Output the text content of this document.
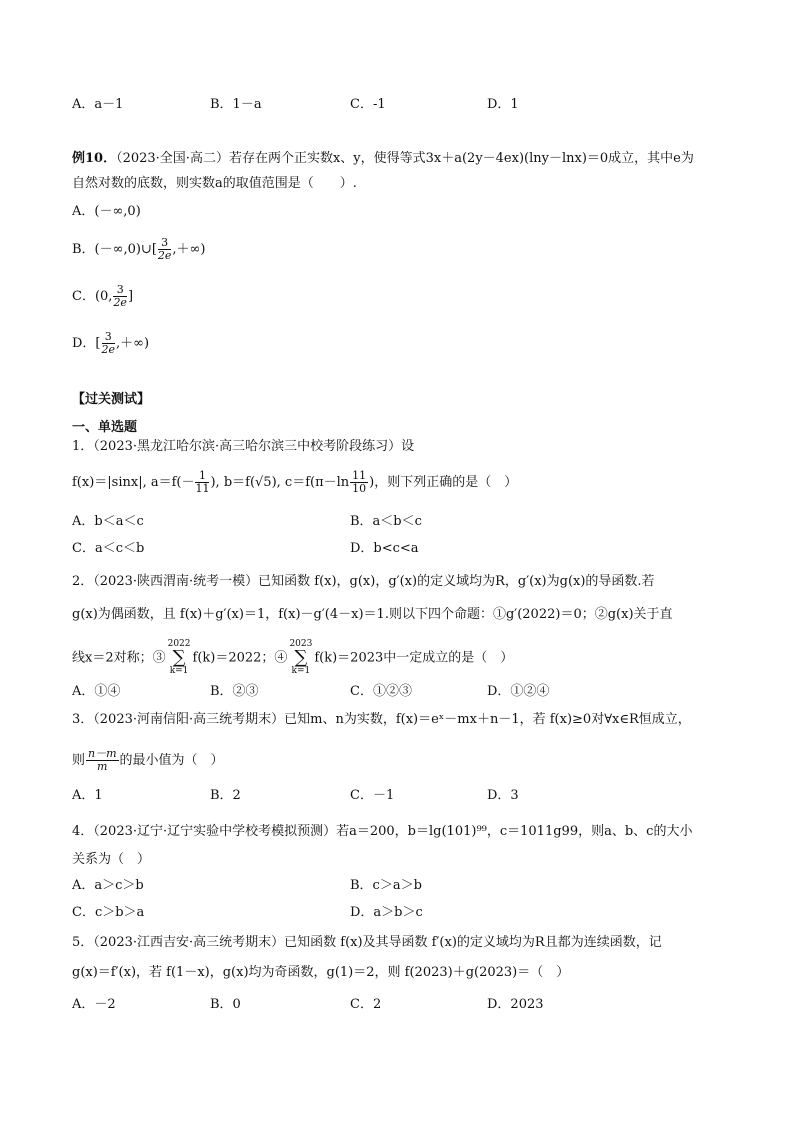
A．a－1	B．1－a	C．-1	D．1
例10．（2023·全国·高二）若存在两个正实数x、y，使得等式3x＋a(2y－4ex)(lny－lnx)＝0成立，其中e为
自然对数的底数，则实数a的取值范围是（　　）.
A．(－∞,0)
B．(－∞,0)∪[ $\frac{3}{2e}$ ,＋∞)
C．(0, $\frac{3}{2e}$ ]
D．[ $\frac{3}{2e}$ ,＋∞)
【过关测试】
一、单选题
1．（2023·黑龙江哈尔滨·高三哈尔滨三中校考阶段练习）设
f(x)＝|sinx|, $a=f(- \frac{1}{11}$ ), b＝f(√5), $c=f(\pi-\ln \frac{11}{10}$ )，则下列正确的是（　）
A．b＜a＜c	B．a＜b＜c
C．a＜c＜b	D．b<c<a
2．（2023·陕西渭南·统考一模）已知函数 f(x)，g(x)，g′(x)的定义域均为R，g′(x)为g(x)的导函数.若
g(x)为偶函数，且 f(x)＋g′(x)＝1，f(x)－g′(4－x)＝1.则以下四个命题：①g′(2022)＝0；②g(x)关于直
线x＝2对称；③2022
∑
k=1f(k)＝2022；④2023
∑
k=1f(k)＝2023中一定成立的是（　）
A．①④	B．②③	C．①②③	D．①②④
3．（2023·河南信阳·高三统考期末）已知m、n为实数，f(x)＝eˣ－mx＋n－1，若 f(x)≥0对∀x∈R恒成立，
则 $\frac{n-m}{m}$ 的最小值为（　）
A．1	B．2	C．－1	D．3
4．（2023·辽宁·辽宁实验中学校考模拟预测）若a＝200，b＝lg(101)⁹⁹，c＝1011g99，则a、b、c的大小
关系为（　）
A．a＞c＞b	B．c＞a＞b
C．c＞b＞a	D．a＞b＞c
5．（2023·江西吉安·高三统考期末）已知函数 f(x)及其导函数 f′(x)的定义域均为R且都为连续函数，记
g(x)＝f′(x)，若 f(1－x)，g(x)均为奇函数，g(1)＝2，则 f(2023)＋g(2023)＝（　）
A．－2	B．0	C．2	D．2023
